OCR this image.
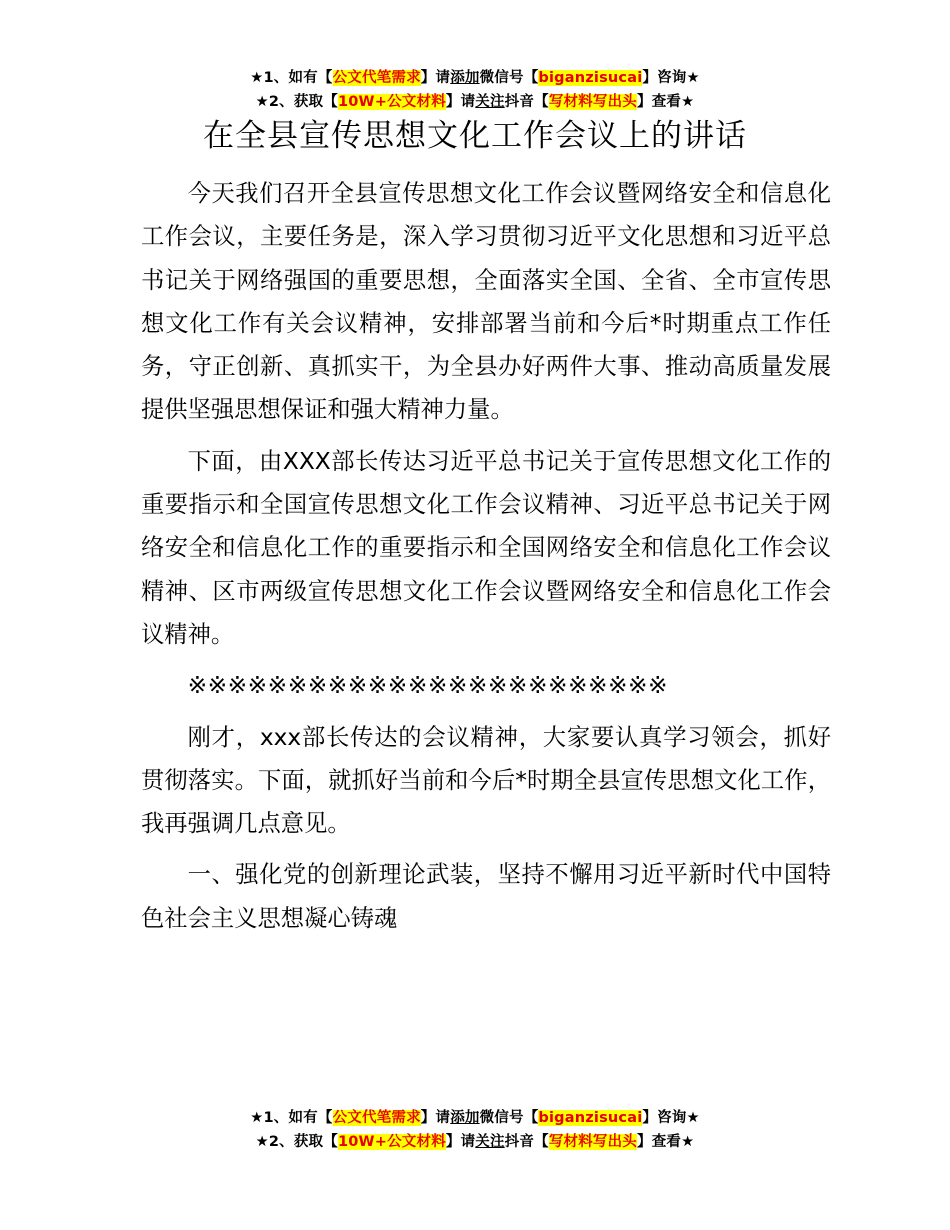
★1、如有【公文代笔需求】请添加微信号【biganzisucai】咨询★
★2、获取【10W+公文材料】请关注抖音【写材料写出头】查看★
在全县宣传思想文化工作会议上的讲话

今天我们召开全县宣传思想文化工作会议暨网络安全和信息化工作会议，主要任务是，深入学习贯彻习近平文化思想和习近平总书记关于网络强国的重要思想，全面落实全国、全省、全市宣传思想文化工作有关会议精神，安排部署当前和今后*时期重点工作任务，守正创新、真抓实干，为全县办好两件大事、推动高质量发展提供坚强思想保证和强大精神力量。

下面，由XXX部长传达习近平总书记关于宣传思想文化工作的重要指示和全国宣传思想文化工作会议精神、习近平总书记关于网络安全和信息化工作的重要指示和全国网络安全和信息化工作会议精神、区市两级宣传思想文化工作会议暨网络安全和信息化工作会议精神。

※※※※※※※※※※※※※※※※※※※※※※※※

刚才，xxx部长传达的会议精神，大家要认真学习领会，抓好贯彻落实。下面，就抓好当前和今后*时期全县宣传思想文化工作，我再强调几点意见。

一、强化党的创新理论武装，坚持不懈用习近平新时代中国特色社会主义思想凝心铸魂

★1、如有【公文代笔需求】请添加微信号【biganzisucai】咨询★
★2、获取【10W+公文材料】请关注抖音【写材料写出头】查看★
